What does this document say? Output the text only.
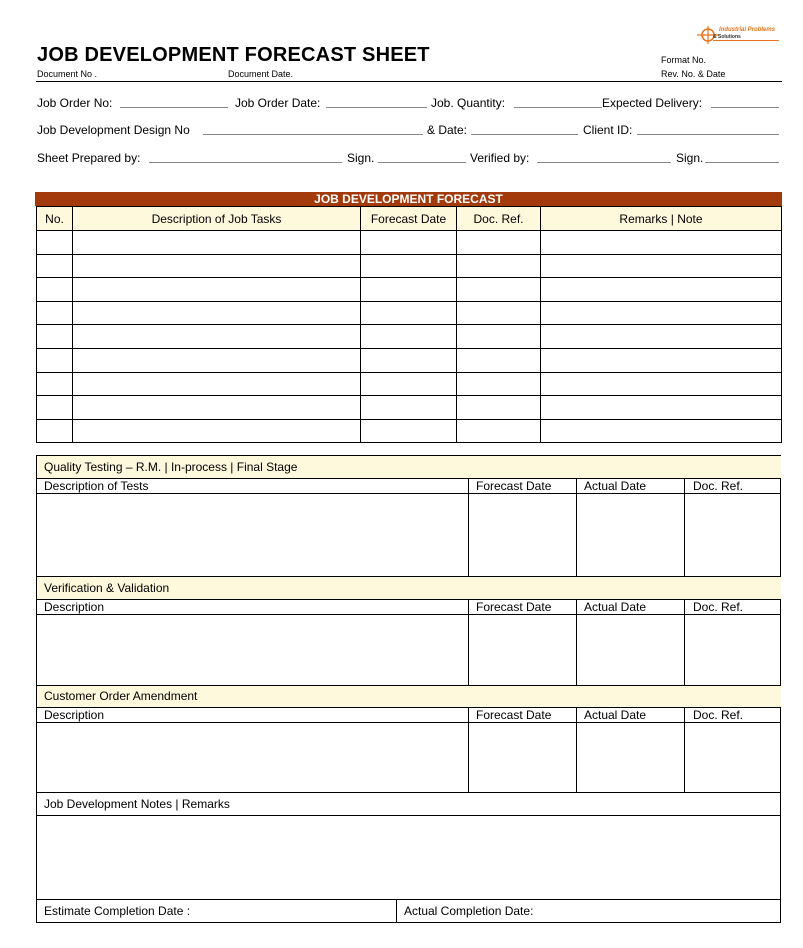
Industrial Problems
& Solutions
JOB DEVELOPMENT FORECAST SHEET
Document No .	Document Date.
Format No.
Rev. No. & Date
Job Order No:	Job Order Date:	Job. Quantity:	Expected Delivery:
Job Development Design No	& Date:	Client ID:
Sheet Prepared by:	Sign.	Verified by:	Sign.
JOB DEVELOPMENT FORECAST
No.	Description of Job Tasks	Forecast Date	Doc. Ref.	Remarks | Note

Quality Testing – R.M. | In-process | Final Stage
Description of Tests	Forecast Date	Actual Date	Doc. Ref.
Verification & Validation
Description	Forecast Date	Actual Date	Doc. Ref.
Customer Order Amendment
Description	Forecast Date	Actual Date	Doc. Ref.
Job Development Notes | Remarks
Estimate Completion Date :	Actual Completion Date:
